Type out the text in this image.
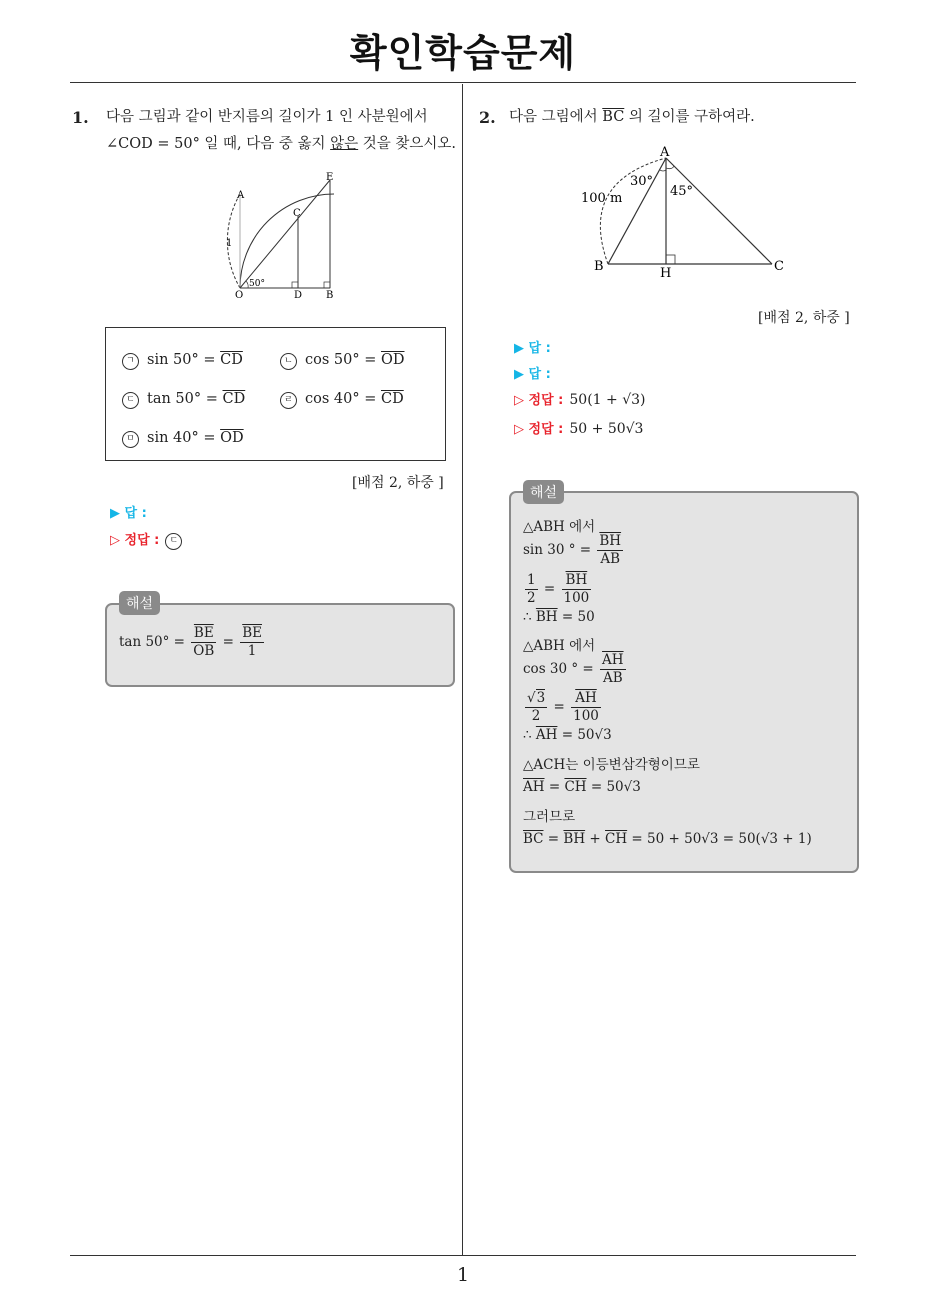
확인학습문제
1
1. 다음 그림과 같이 반지름의 길이가 1 인 사분원에서
∠COD = 50° 일 때, 다음 중 옳지 않은 것을 찾으시오.
A
E
C
O	D B
1
50°
ㄱ $\sin 50^\circ = \overline{CD}$	ㄴ $\cos 50^\circ = \overline{OD}$
ㄷ $\tan 50^\circ = \overline{CD}$	ㄹ $\cos 40^\circ = \overline{CD}$
ㅁ $\sin 40^\circ = \overline{OD}$
[배점 2, 하중 ]
▶ 답 :
▷ 정답 : ㄷ
$\tan 50^\circ = \frac{\overline{BE}}{OB} = \frac{\overline{BE}}{1}$
해설
2. 다음 그림에서 $\overline{BC}$ 의 길이를 구하여라.
A
B	C
H
100 m
30°
45°
[배점 2, 하중 ]
▶ 답 :
▶ 답 :
▷ 정답 : 50(1 + √3)
▷ 정답 : 50 + 50√3
△ABH 에서
sin 30 ° = $\frac{\overline{BH}}{AB}$
$\frac{1}{2} = \frac{\overline{BH}}{100}$
∴ $\overline{BH} = 50$
△ABH 에서
cos 30 ° = $\frac{\overline{AH}}{AB}$
$\frac{√3}{2} = \frac{\overline{AH}}{100}$
∴ $\overline{AH} = 50√3$
△ACH는 이등변삼각형이므로
$\overline{AH} = \overline{CH} = 50√3$
그러므로
$\overline{BC} = \overline{BH} + \overline{CH} = 50 + 50√3 = 50(√3 + 1)$
해설
